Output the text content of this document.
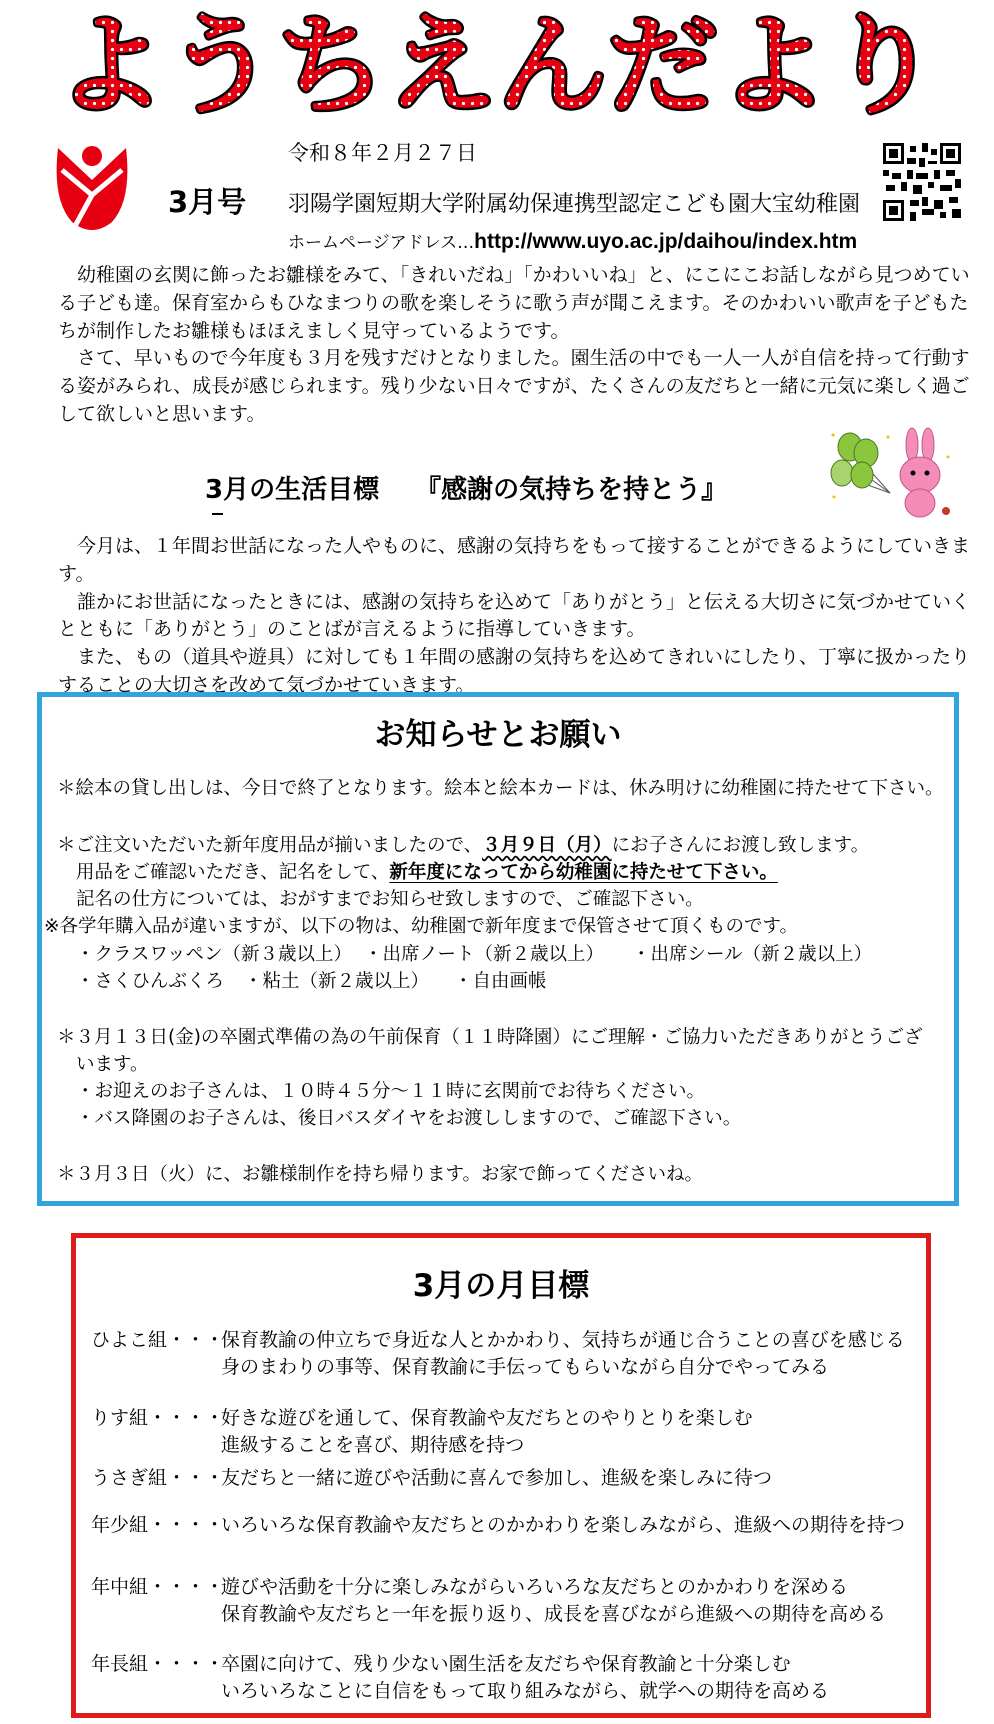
ようちえんだより
3月号
令和８年２月２７日
羽陽学園短期大学附属幼保連携型認定こども園大宝幼稚園
ホームページアドレス…http://www.uyo.ac.jp/daihou/index.htm

幼稚園の玄関に飾ったお雛様をみて、「きれいだね」「かわいいね」と、にこにこお話しながら見つめている子ども達。保育室からもひなまつりの歌を楽しそうに歌う声が聞こえます。そのかわいい歌声を子どもたちが制作したお雛様もほほえましく見守っているようです。

さて、早いもので今年度も３月を残すだけとなりました。園生活の中でも一人一人が自信を持って行動する姿がみられ、成長が感じられます。残り少ない日々ですが、たくさんの友だちと一緒に元気に楽しく過ごして欲しいと思います。

3月の生活目標 『感謝の気持ちを持とう』

今月は、１年間お世話になった人やものに、感謝の気持ちをもって接することができるようにしていきます。

誰かにお世話になったときには、感謝の気持ちを込めて「ありがとう」と伝える大切さに気づかせていくとともに「ありがとう」のことばが言えるように指導していきます。

また、もの（道具や遊具）に対しても１年間の感謝の気持ちを込めてきれいにしたり、丁寧に扱かったりすることの大切さを改めて気づかせていきます。

お知らせとお願い
＊絵本の貸し出しは、今日で終了となります。絵本と絵本カードは、休み明けに幼稚園に持たせて下さい。
＊ご注文いただいた新年度用品が揃いましたので、３月９日（月）にお子さんにお渡し致します。
用品をご確認いただき、記名をして、新年度になってから幼稚園に持たせて下さい。
記名の仕方については、おがすまでお知らせ致しますので、ご確認下さい。
※各学年購入品が違いますが、以下の物は、幼稚園で新年度まで保管させて頂くものです。
・クラスワッペン（新３歳以上） ・出席ノート（新２歳以上） ・出席シール（新２歳以上）
・さくひんぶくろ ・粘土（新２歳以上） ・自由画帳
＊３月１３日(金)の卒園式準備の為の午前保育（１１時降園）にご理解・ご協力いただきありがとうござ
います。
・お迎えのお子さんは、１０時４５分～１１時に玄関前でお待ちください。
・バス降園のお子さんは、後日バスダイヤをお渡ししますので、ご確認下さい。
＊３月３日（火）に、お雛様制作を持ち帰ります。お家で飾ってくださいね。
3月の月目標
ひよこ組・・・
保育教諭の仲立ちで身近な人とかかわり、気持ちが通じ合うことの喜びを感じる
身のまわりの事等、保育教諭に手伝ってもらいながら自分でやってみる
りす組・・・・
好きな遊びを通して、保育教諭や友だちとのやりとりを楽しむ
進級することを喜び、期待感を持つ
うさぎ組・・・
友だちと一緒に遊びや活動に喜んで参加し、進級を楽しみに待つ
年少組・・・・
いろいろな保育教諭や友だちとのかかわりを楽しみながら、進級への期待を持つ
年中組・・・・
遊びや活動を十分に楽しみながらいろいろな友だちとのかかわりを深める
保育教諭や友だちと一年を振り返り、成長を喜びながら進級への期待を高める
年長組・・・・
卒園に向けて、残り少ない園生活を友だちや保育教諭と十分楽しむ
いろいろなことに自信をもって取り組みながら、就学への期待を高める
